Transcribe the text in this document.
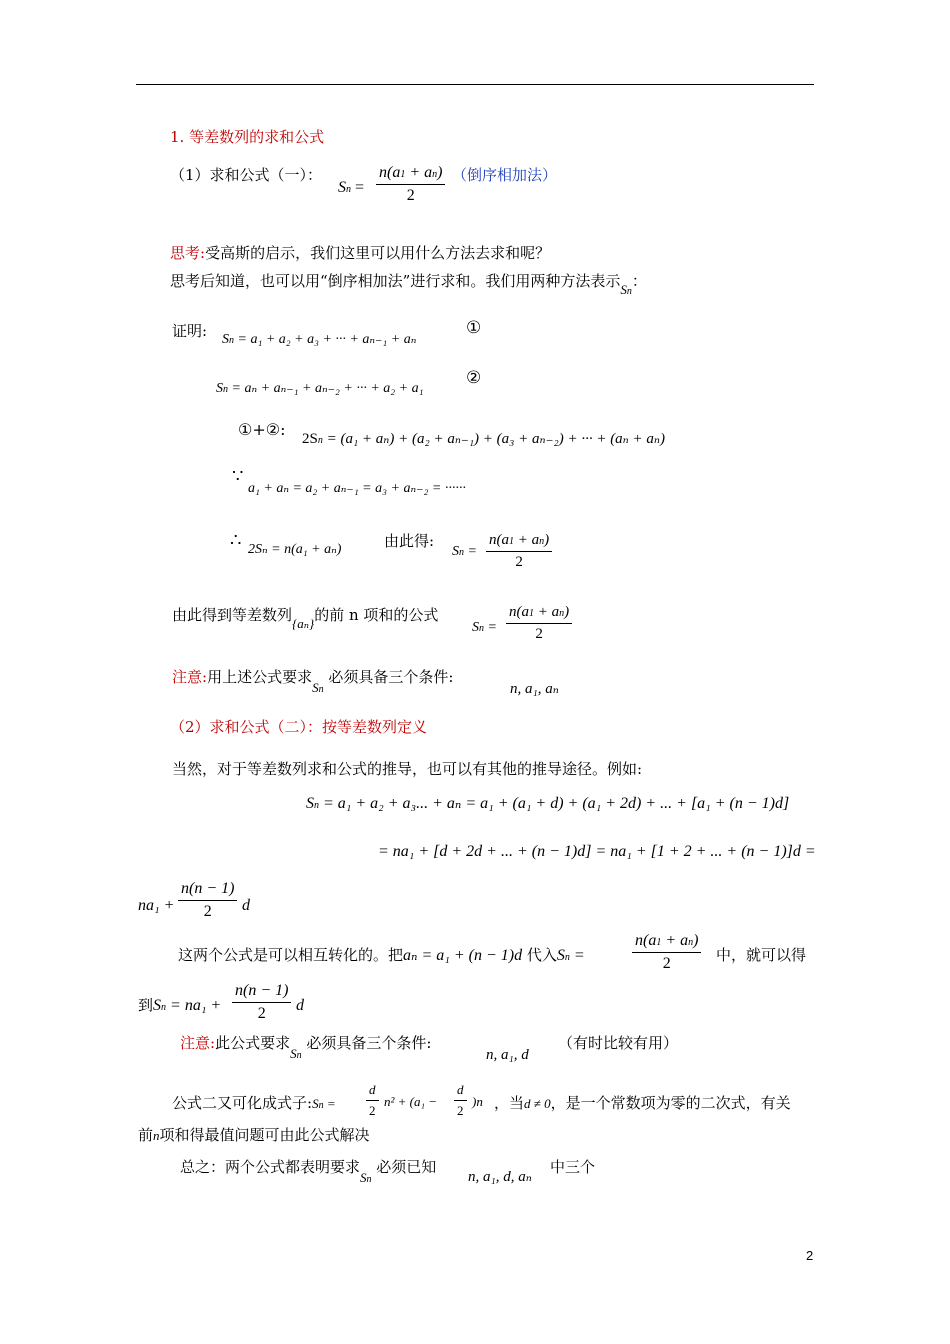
1. 等差数列的求和公式
（1）求和公式（一）：
Sn =
n(a1 + an)
2
（倒序相加法）
思考:受高斯的启示，我们这里可以用什么方法去求和呢？
思考后知道，也可以用“倒序相加法”进行求和。我们用两种方法表示Sn：
证明: Sn = a₁ + a₂ + a₃ + ··· + aₙ₋₁ + aₙ
①
Sn = aₙ + aₙ₋₁ + aₙ₋₂ + ··· + a₂ + a₁
②
①+②: 2Sn = (a₁ + aₙ) + (a₂ + aₙ₋₁) + (a₃ + aₙ₋₂) + ··· + (aₙ + aₙ)
∵
a₁ + aₙ = a₂ + aₙ₋₁ = a₃ + aₙ₋₂ = ······
∴ 2Sₙ = n(a₁ + aₙ)	由此得:
Sn =
n(a1 + an)
2
由此得到等差数列{aₙ}的前 n 项和的公式
Sn =
n(a1 + an)
2
注意:用上述公式要求Sn 必须具备三个条件:
n, a₁, aₙ
（2）求和公式（二）：按等差数列定义
当然，对于等差数列求和公式的推导，也可以有其他的推导途径。例如:
Sn = a₁ + a₂ + a₃... + aₙ = a₁ + (a₁ + d) + (a₁ + 2d) + ... + [a₁ + (n − 1)d]
= na₁ + [d + 2d + ... + (n − 1)d] = na₁ + [1 + 2 + ... + (n − 1)]d =
na₁ +
n(n − 1)
2	d
这两个公式是可以相互转化的。把aₙ = a₁ + (n − 1)d 代入Sn =
n(a1 + an)
2	中，就可以得
到Sn = na₁ +
n(n − 1)
2	d
注意:此公式要求Sn 必须具备三个条件:
n, a₁, d
（有时比较有用）
公式二又可化成式子:Sn =
d
2
n² + (a₁ −
d
2
)n ，当d ≠ 0，是一个常数项为零的二次式，有关
前n项和得最值问题可由此公式解决
总之：两个公式都表明要求Sn 必须已知
n, a₁, d, aₙ
中三个
2
